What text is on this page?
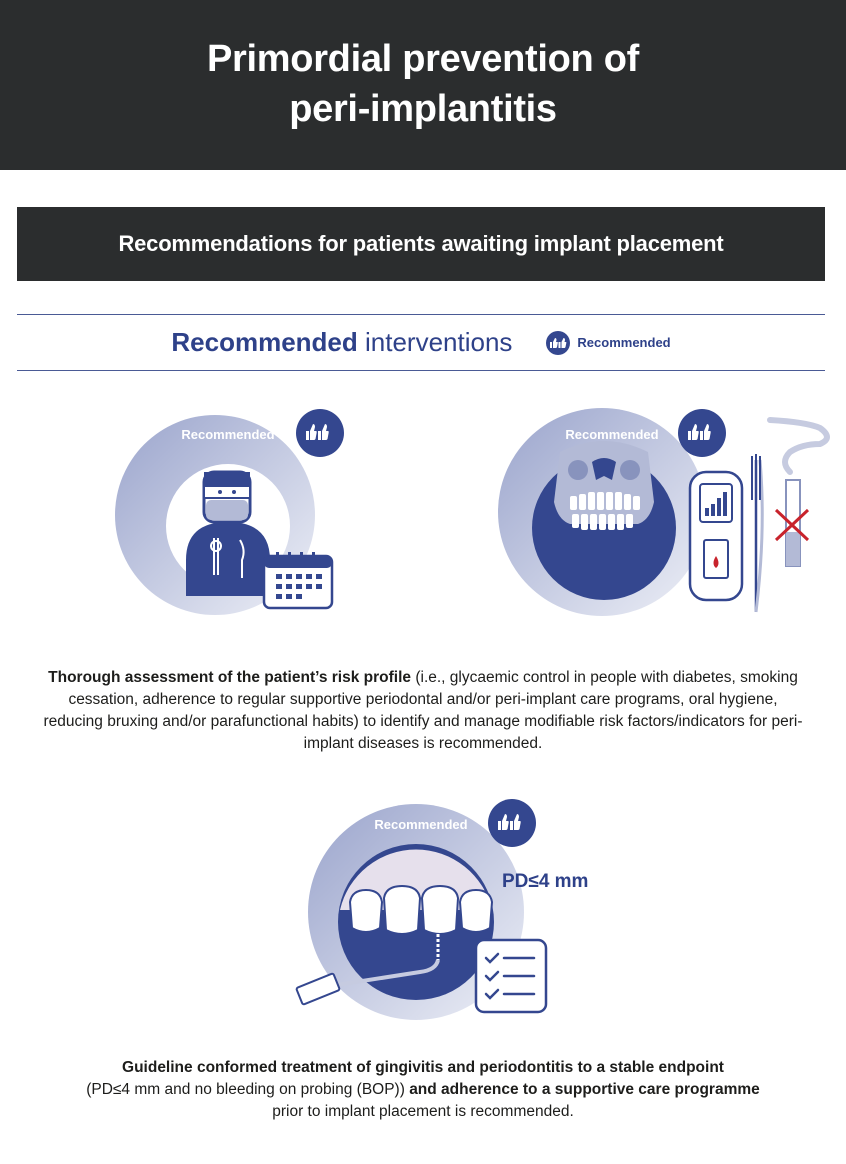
Primordial prevention of
peri-implantitis
Recommendations for patients awaiting implant placement
Recommended interventions	Recommended
Recommended	Recommended
Thorough assessment of the patient’s risk profile (i.e., glycaemic control in people with diabetes, smoking cessation, adherence to regular supportive periodontal and/or peri-implant care programs, oral hygiene, reducing bruxing and/or parafunctional habits) to identify and manage modifiable risk factors/indicators for peri-implant diseases is recommended.
Recommended
PD≤4 mm
Guideline conformed treatment of gingivitis and periodontitis to a stable endpoint
(PD≤4 mm and no bleeding on probing (BOP)) and adherence to a supportive care programme
prior to implant placement is recommended.
